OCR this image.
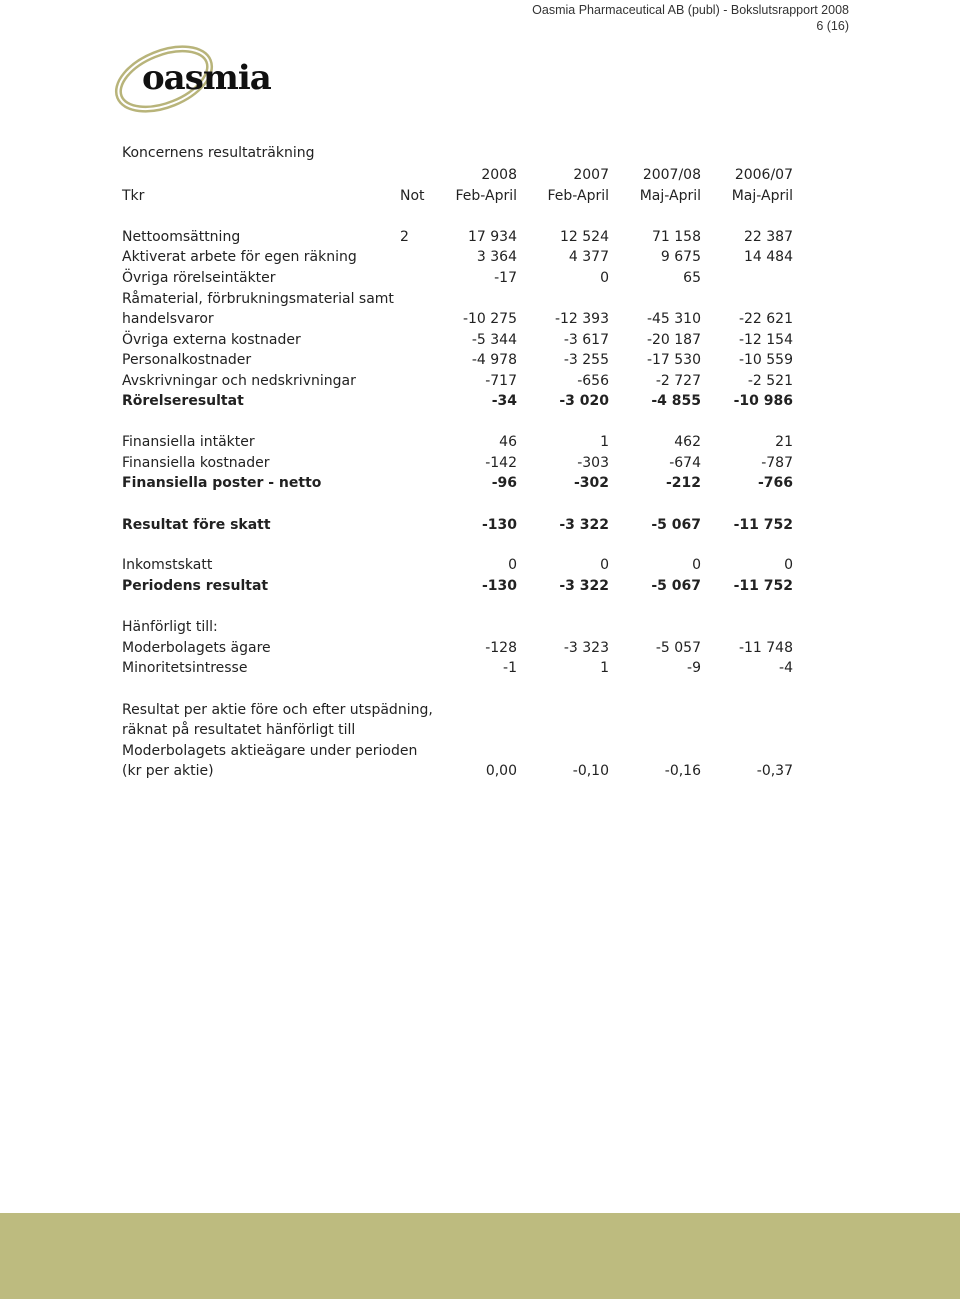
Oasmia Pharmaceutical AB (publ) - Bokslutsrapport 2008
6 (16)
oasmia
Koncernens resultaträkning
2008	2007	2007/08	2006/07
Tkr	Not	Feb-April	Feb-April	Maj-April	Maj-April
Nettoomsättning	2	17 934	12 524	71 158	22 387
Aktiverat arbete för egen räkning	3 364	4 377	9 675	14 484
Övriga rörelseintäkter	-17	0	65
Råmaterial, förbrukningsmaterial samt
handelsvaror	-10 275	-12 393	-45 310	-22 621
Övriga externa kostnader	-5 344	-3 617	-20 187	-12 154
Personalkostnader	-4 978	-3 255	-17 530	-10 559
Avskrivningar och nedskrivningar	-717	-656	-2 727	-2 521
Rörelseresultat	-34	-3 020	-4 855	-10 986
Finansiella intäkter	46	1	462	21
Finansiella kostnader	-142	-303	-674	-787
Finansiella poster - netto	-96	-302	-212	-766
Resultat före skatt	-130	-3 322	-5 067	-11 752
Inkomstskatt	0	0	0	0
Periodens resultat	-130	-3 322	-5 067	-11 752
Hänförligt till:
Moderbolagets ägare	-128	-3 323	-5 057	-11 748
Minoritetsintresse	-1	1	-9	-4
Resultat per aktie före och efter utspädning,
räknat på resultatet hänförligt till
Moderbolagets aktieägare under perioden
(kr per aktie)	0,00	-0,10	-0,16	-0,37
